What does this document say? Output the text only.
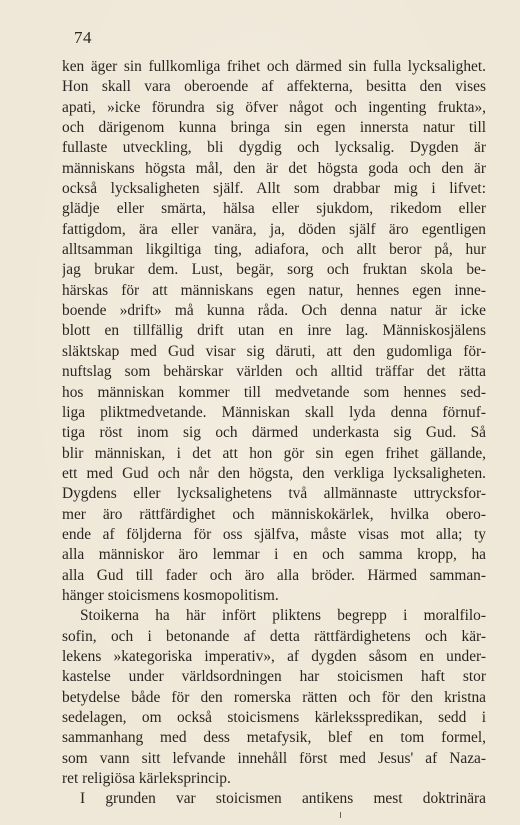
74
ken äger sin fullkomliga frihet och därmed sin fulla lycksalighet.
Hon skall vara oberoende af affekterna, besitta den vises
apati, »icke förundra sig öfver något och ingenting frukta»,
och därigenom kunna bringa sin egen innersta natur till
fullaste utveckling, bli dygdig och lycksalig. Dygden är
människans högsta mål, den är det högsta goda och den är
också lycksaligheten själf. Allt som drabbar mig i lifvet:
glädje eller smärta, hälsa eller sjukdom, rikedom eller
fattigdom, ära eller vanära, ja, döden själf äro egentligen
alltsamman likgiltiga ting, adiafora, och allt beror på, hur
jag brukar dem. Lust, begär, sorg och fruktan skola be-
härskas för att människans egen natur, hennes egen inne-
boende »drift» må kunna råda. Och denna natur är icke
blott en tillfällig drift utan en inre lag. Människosjälens
släktskap med Gud visar sig däruti, att den gudomliga för-
nuftslag som behärskar världen och alltid träffar det rätta
hos människan kommer till medvetande som hennes sed-
liga pliktmedvetande. Människan skall lyda denna förnuf-
tiga röst inom sig och därmed underkasta sig Gud. Så
blir människan, i det att hon gör sin egen frihet gällande,
ett med Gud och når den högsta, den verkliga lycksaligheten.
Dygdens eller lycksalighetens två allmännaste uttrycksfor-
mer äro rättfärdighet och människokärlek, hvilka obero-
ende af följderna för oss själfva, måste visas mot alla; ty
alla människor äro lemmar i en och samma kropp, ha
alla Gud till fader och äro alla bröder. Härmed samman-
hänger stoicismens kosmopolitism.
Stoikerna ha här infört pliktens begrepp i moralfilo-
sofin, och i betonande af detta rättfärdighetens och kär-
lekens »kategoriska imperativ», af dygden såsom en under-
kastelse under världsordningen har stoicismen haft stor
betydelse både för den romerska rätten och för den kristna
sedelagen, om också stoicismens kärleksspredikan, sedd i
sammanhang med dess metafysik, blef en tom formel,
som vann sitt lefvande innehåll först med Jesus' af Naza-
ret religiösa kärleksprincip.
I grunden var stoicismen antikens mest doktrinära
